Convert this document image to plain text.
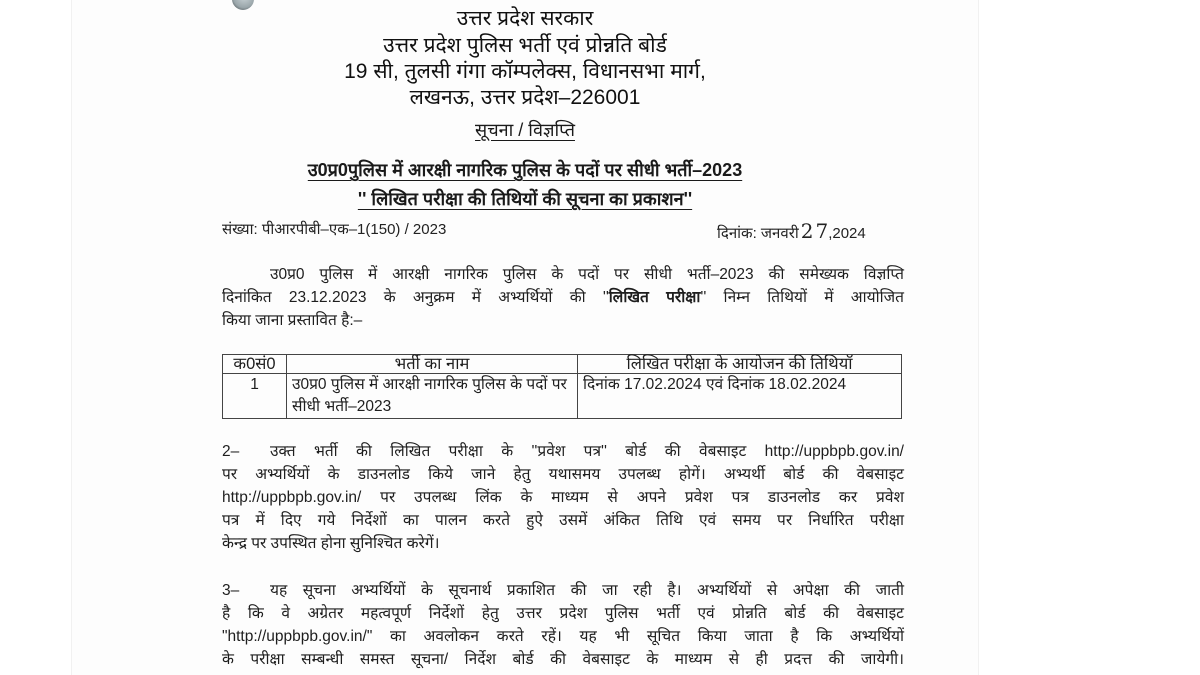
उत्तर प्रदेश सरकार
उत्तर प्रदेश पुलिस भर्ती एवं प्रोन्नति बोर्ड
19 सी, तुलसी गंगा कॉम्पलेक्स, विधानसभा मार्ग,
लखनऊ, उत्तर प्रदेश–226001
सूचना / विज्ञप्ति
उ0प्र0पुलिस में आरक्षी नागरिक पुलिस के पदों पर सीधी भर्ती–2023
'' लिखित परीक्षा की तिथियों की सूचना का प्रकाशन''
संख्या: पीआरपीबी–एक–1(150) / 2023	दिनांक: जनवरी 27,2024
उ0प्र0 पुलिस में आरक्षी नागरिक पुलिस के पदों पर सीधी भर्ती–2023 की समेख्यक विज्ञप्ति
दिनांकित 23.12.2023 के अनुक्रम में अभ्यर्थियों की ''लिखित परीक्षा'' निम्न तिथियों में आयोजित
किया जाना प्रस्तावित है:–
क0सं0	भर्ती का नाम	लिखित परीक्षा के आयोजन की तिथियॉ
1	उ0प्र0 पुलिस में आरक्षी नागरिक पुलिस के पदों पर सीधी भर्ती–2023	दिनांक 17.02.2024 एवं दिनांक 18.02.2024
2– उक्त भर्ती की लिखित परीक्षा के ''प्रवेश पत्र'' बोर्ड की वेबसाइट http://uppbpb.gov.in/
पर अभ्यर्थियों के डाउनलोड किये जाने हेतु यथासमय उपलब्ध होगें। अभ्यर्थी बोर्ड की वेबसाइट
http://uppbpb.gov.in/ पर उपलब्ध लिंक के माध्यम से अपने प्रवेश पत्र डाउनलोड कर प्रवेश
पत्र में दिए गये निर्देशों का पालन करते हुऐ उसमें अंकित तिथि एवं समय पर निर्धारित परीक्षा
केन्द्र पर उपस्थित होना सुनिश्चित करेगें।
3– यह सूचना अभ्यर्थियों के सूचनार्थ प्रकाशित की जा रही है। अभ्यर्थियों से अपेक्षा की जाती
है कि वे अग्रेतर महत्वपूर्ण निर्देशों हेतु उत्तर प्रदेश पुलिस भर्ती एवं प्रोन्नति बोर्ड की वेबसाइट
"http://uppbpb.gov.in/" का अवलोकन करते रहें। यह भी सूचित किया जाता है कि अभ्यर्थियों
के परीक्षा सम्बन्धी समस्त सूचना/ निर्देश बोर्ड की वेबसाइट के माध्यम से ही प्रदत्त की जायेगी।
